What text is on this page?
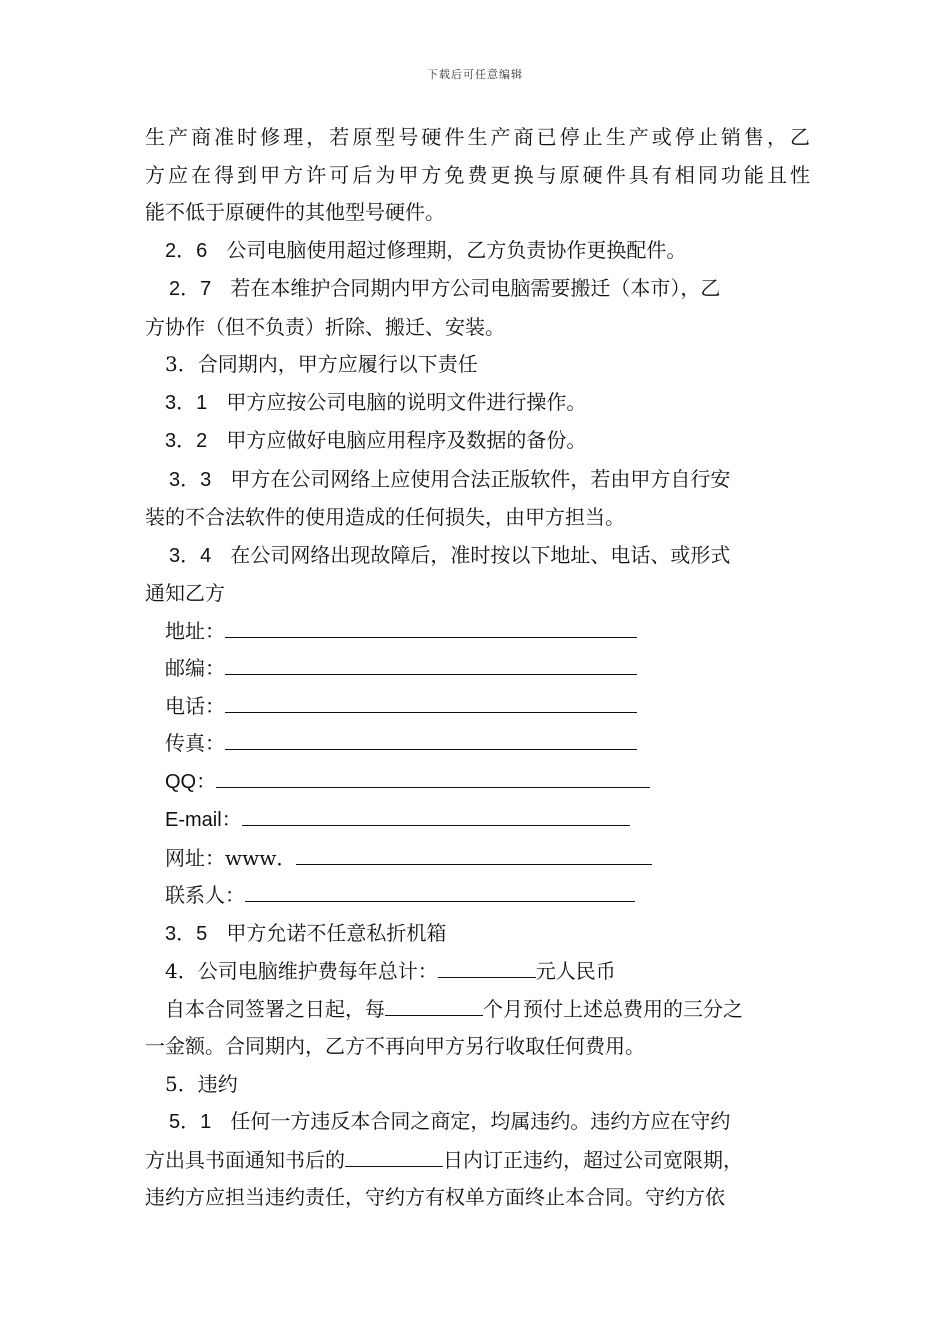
下载后可任意编辑
生产商准时修理，若原型号硬件生产商已停止生产或停止销售，乙
方应在得到甲方许可后为甲方免费更换与原硬件具有相同功能且性
能不低于原硬件的其他型号硬件。
2．6 公司电脑使用超过修理期，乙方负责协作更换配件。
2．7 若在本维护合同期内甲方公司电脑需要搬迁（本市），乙
方协作（但不负责）折除、搬迁、安装。
3．合同期内，甲方应履行以下责任
3．1 甲方应按公司电脑的说明文件进行操作。
3．2 甲方应做好电脑应用程序及数据的备份。
3．3 甲方在公司网络上应使用合法正版软件，若由甲方自行安
装的不合法软件的使用造成的任何损失，由甲方担当。
3．4 在公司网络出现故障后，准时按以下地址、电话、或形式
通知乙方
地址：
邮编：
电话：
传真：
QQ：
E-mail：
网址：www．
联系人：
3．5 甲方允诺不任意私折机箱
4．公司电脑维护费每年总计：	元人民币
自本合同签署之日起，每	个月预付上述总费用的三分之
一金额。合同期内，乙方不再向甲方另行收取任何费用。
5．违约
5．1 任何一方违反本合同之商定，均属违约。违约方应在守约
方出具书面通知书后的	日内订正违约，超过公司宽限期，
违约方应担当违约责任，守约方有权单方面终止本合同。守约方依
